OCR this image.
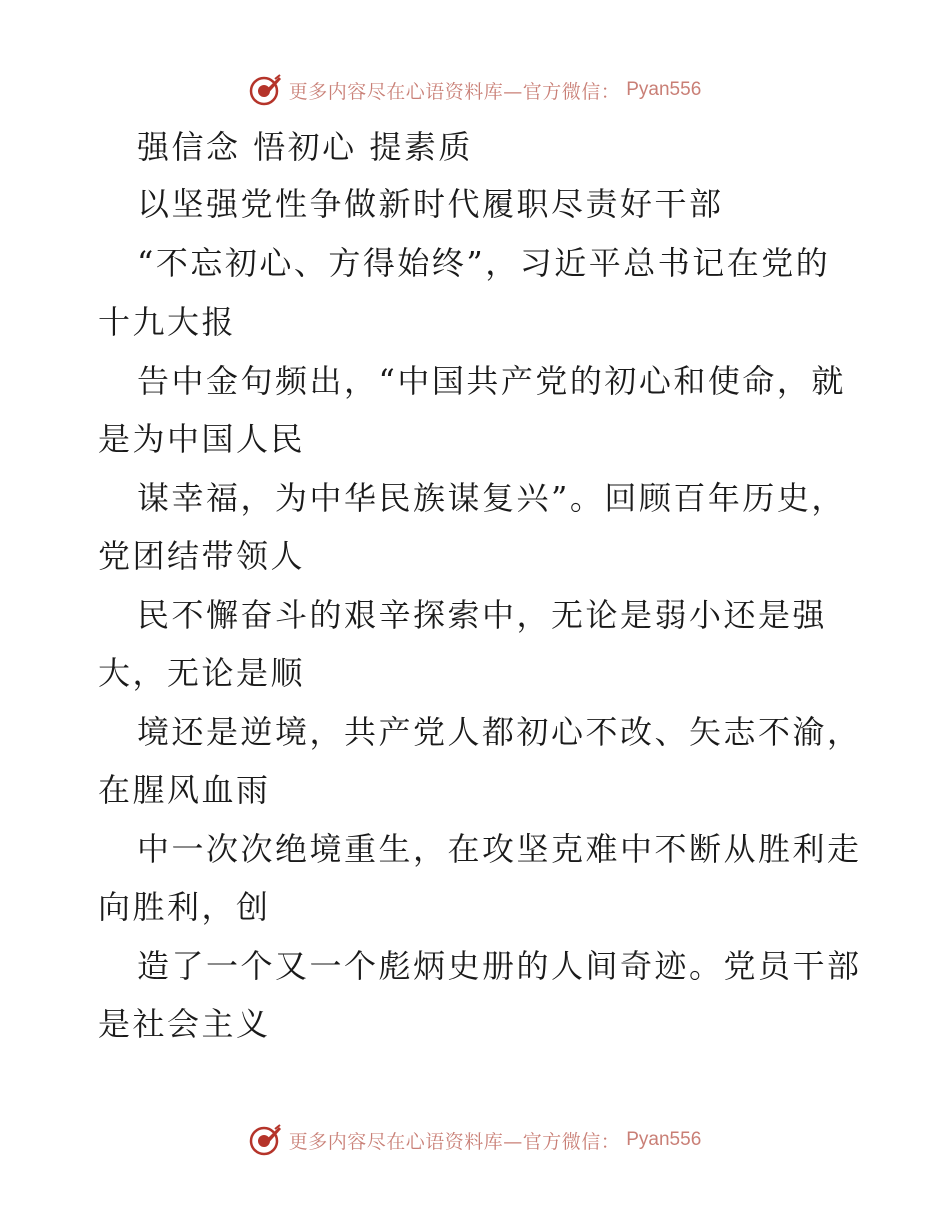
更多内容尽在心语资料库—官方微信： Pyan556
强信念 悟初心 提素质
以坚强党性争做新时代履职尽责好干部
“不忘初心、方得始终”，习近平总书记在党的
十九大报
告中金句频出，“中国共产党的初心和使命，就
是为中国人民
谋幸福，为中华民族谋复兴”。回顾百年历史，
党团结带领人
民不懈奋斗的艰辛探索中，无论是弱小还是强
大，无论是顺
境还是逆境，共产党人都初心不改、矢志不渝，
在腥风血雨
中一次次绝境重生，在攻坚克难中不断从胜利走
向胜利，创
造了一个又一个彪炳史册的人间奇迹。党员干部
是社会主义
更多内容尽在心语资料库—官方微信： Pyan556
